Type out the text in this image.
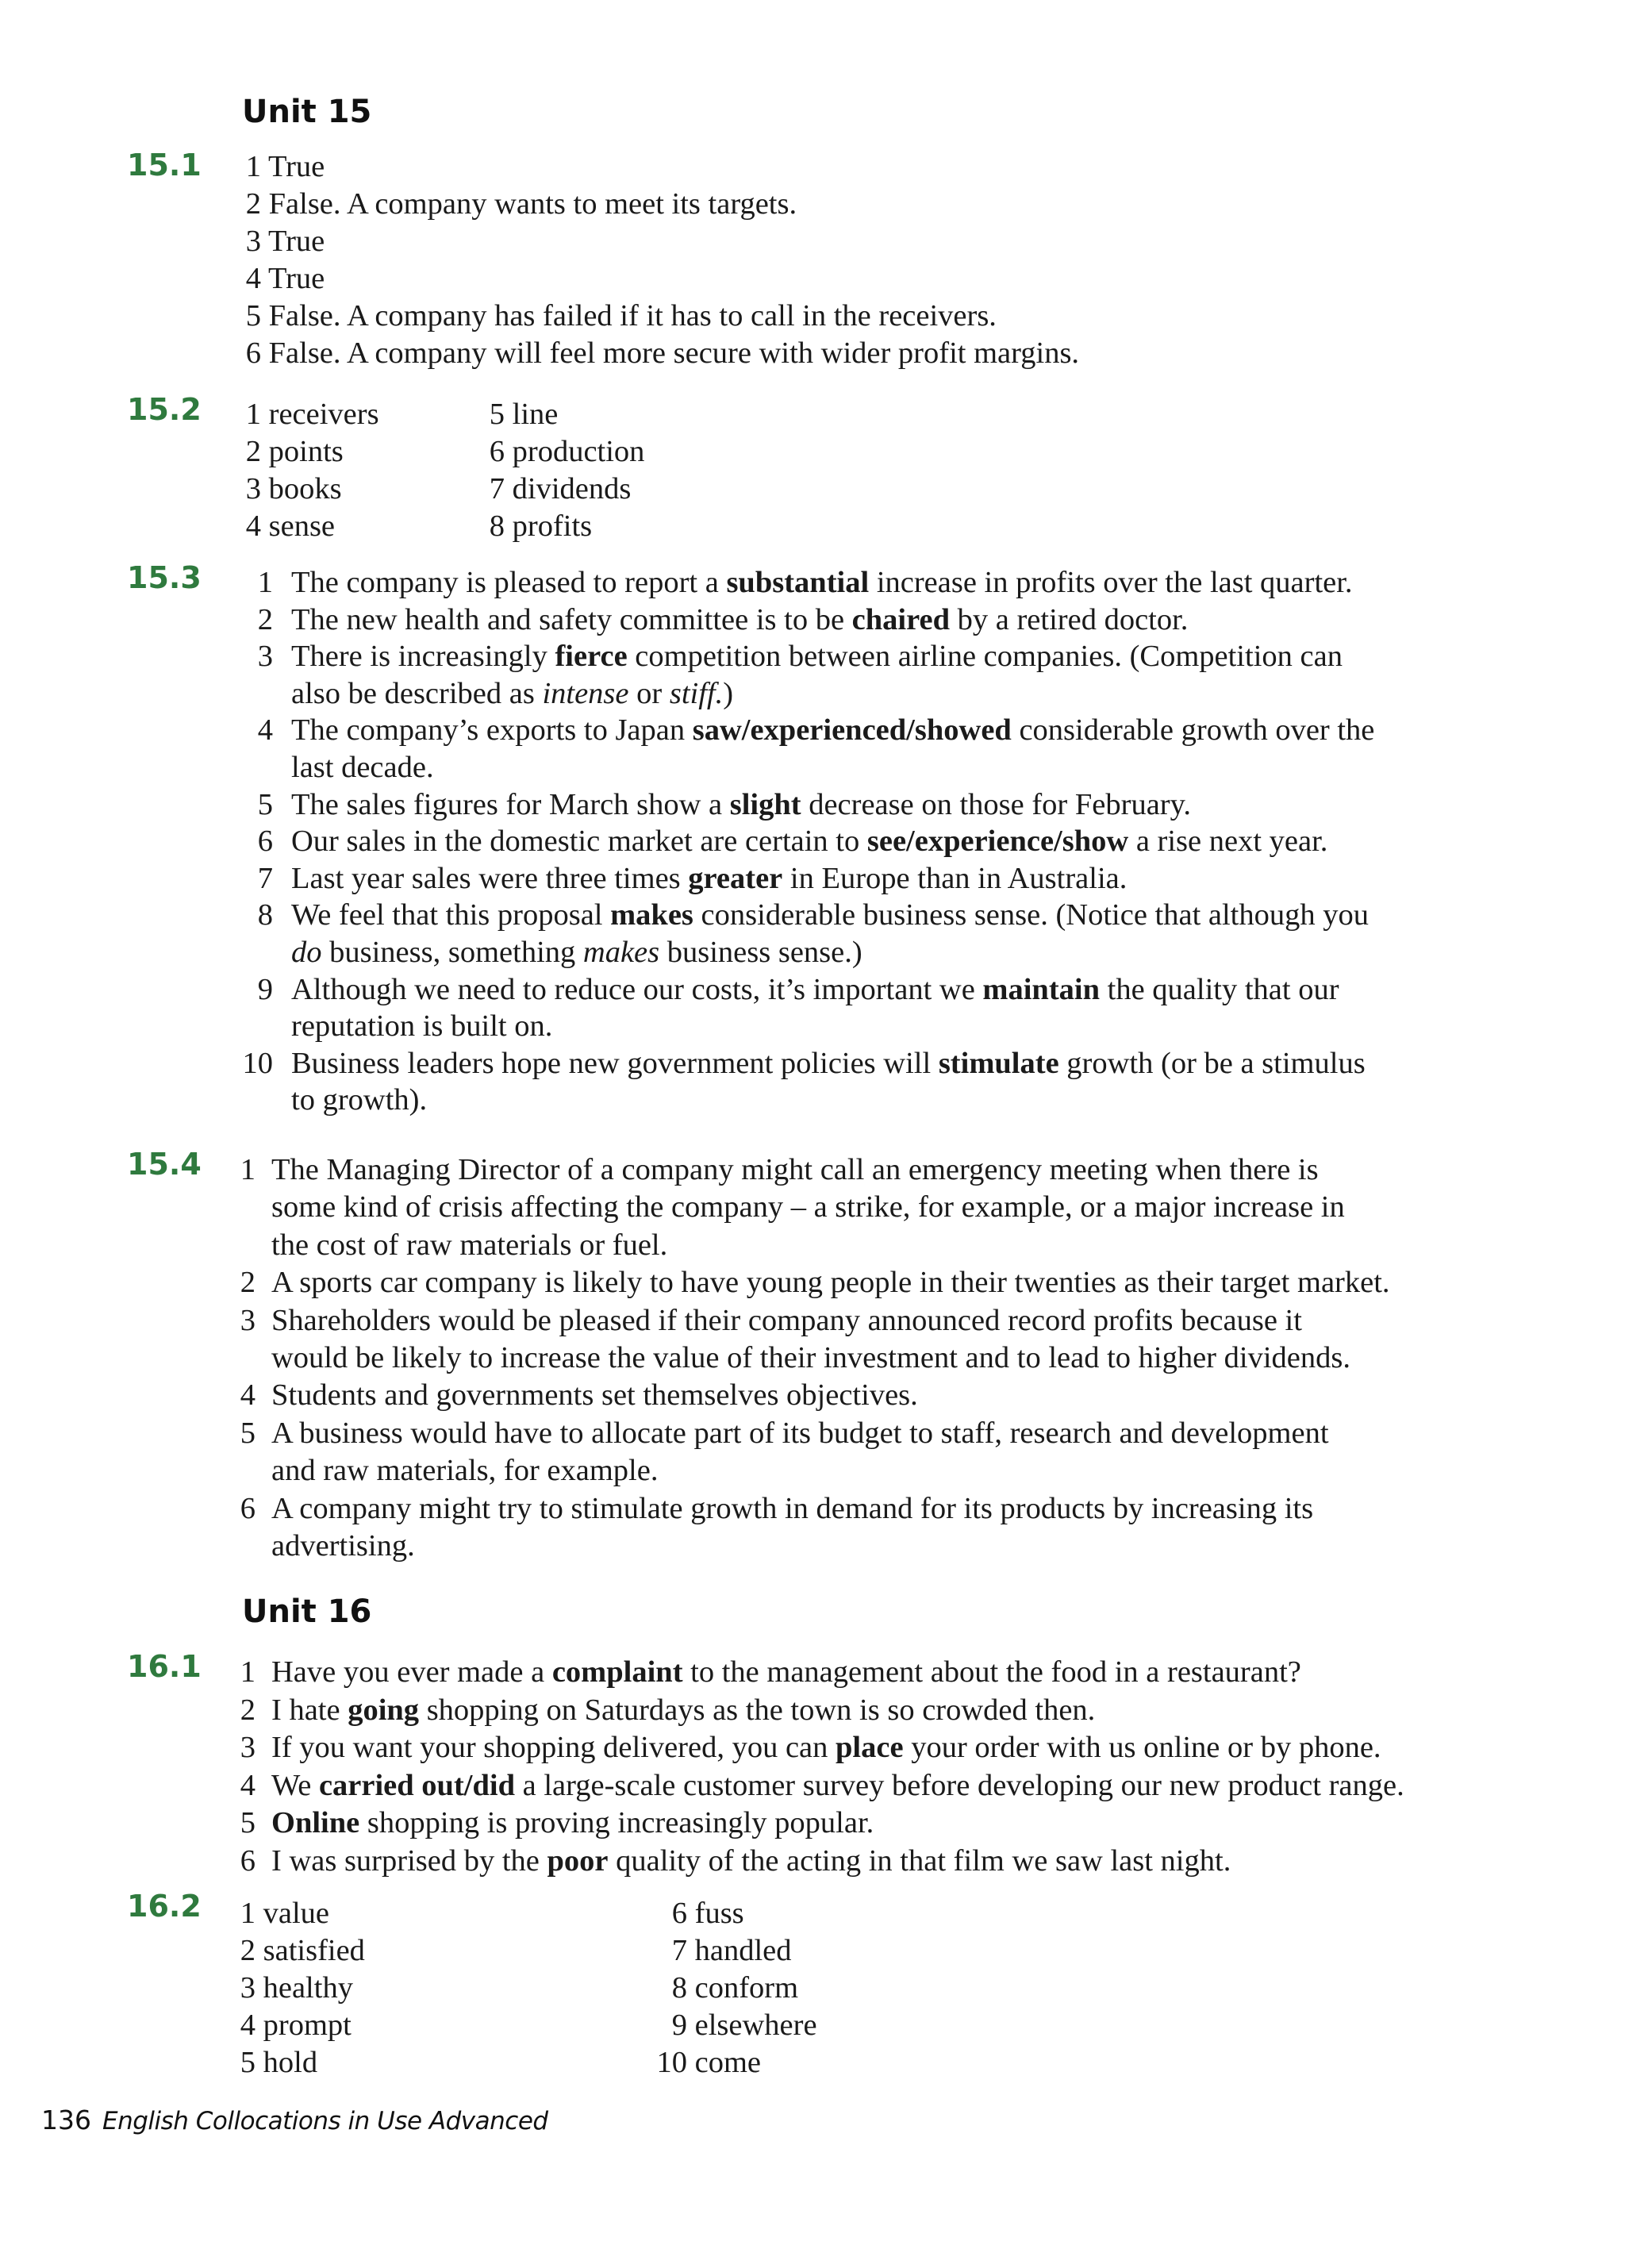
Unit 15
15.1 1 True
2 False. A company wants to meet its targets.
3 True
4 True
5 False. A company has failed if it has to call in the receivers.
6 False. A company will feel more secure with wider profit margins.
15.2 1 receivers
2 points
3 books
4 sense
5 line
6 production
7 dividends
8 profits
15.3	1 The company is pleased to report a substantial increase in profits over the last quarter.
2 The new health and safety committee is to be chaired by a retired doctor.
3 There is increasingly fierce competition between airline companies. (Competition can
also be described as intense or stiff.)
4 The company’s exports to Japan saw/experienced/showed considerable growth over the
last decade.
5 The sales figures for March show a slight decrease on those for February.
6 Our sales in the domestic market are certain to see/experience/show a rise next year.
7 Last year sales were three times greater in Europe than in Australia.
8 We feel that this proposal makes considerable business sense. (Notice that although you
do business, something makes business sense.)
9 Although we need to reduce our costs, it’s important we maintain the quality that our
reputation is built on.
10 Business leaders hope new government policies will stimulate growth (or be a stimulus
to growth).
15.4 1 The Managing Director of a company might call an emergency meeting when there is
some kind of crisis affecting the company – a strike, for example, or a major increase in
the cost of raw materials or fuel.
2 A sports car company is likely to have young people in their twenties as their target market.
3 Shareholders would be pleased if their company announced record profits because it
would be likely to increase the value of their investment and to lead to higher dividends.
4 Students and governments set themselves objectives.
5 A business would have to allocate part of its budget to staff, research and development
and raw materials, for example.
6 A company might try to stimulate growth in demand for its products by increasing its
advertising.
Unit 16
16.1 1 Have you ever made a complaint to the management about the food in a restaurant?
2 I hate going shopping on Saturdays as the town is so crowded then.
3 If you want your shopping delivered, you can place your order with us online or by phone.
4 We carried out/did a large-scale customer survey before developing our new product range.
5 Online shopping is proving increasingly popular.
6 I was surprised by the poor quality of the acting in that film we saw last night.
16.2 1 value
2 satisfied
3 healthy
4 prompt
5 hold
6 fuss
7 handled
8 conform
9 elsewhere
10 come
136 English Collocations in Use Advanced
